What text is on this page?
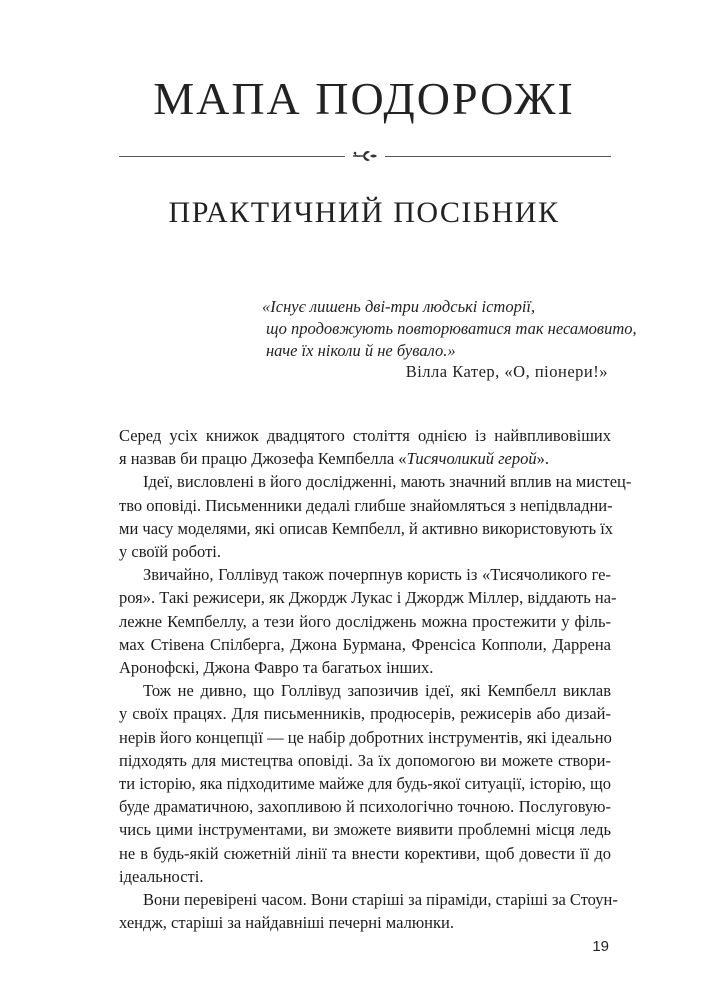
МАПА ПОДОРОЖІ
ПРАКТИЧНИЙ ПОСІБНИК
«Існує лишень дві-три людські історії,
що продовжують повторюватися так несамовито,
наче їх ніколи й не бувало.»
Вілла Катер, «О, піонери!»

Серед усіх книжок двадцятого століття однією із найвпливовіших
я назвав би працю Джозефа Кемпбелла «Тисячоликий герой».

Ідеї, висловлені в його дослідженні, мають значний вплив на мистец-
тво оповіді. Письменники дедалі глибше знайомляться з непідвладни-
ми часу моделями, які описав Кемпбелл, й активно використовують їх
у своїй роботі.

Звичайно, Голлівуд також почерпнув користь із «Тисячоликого ге-
роя». Такі режисери, як Джордж Лукас і Джордж Міллер, віддають на-
лежне Кемпбеллу, а тези його досліджень можна простежити у філь-
мах Стівена Спілберга, Джона Бурмана, Френсіса Копполи, Даррена
Аронофскі, Джона Фавро та багатьох інших.

Тож не дивно, що Голлівуд запозичив ідеї, які Кемпбелл виклав
у своїх працях. Для письменників, продюсерів, режисерів або дизай-
нерів його концепції — це набір добротних інструментів, які ідеально
підходять для мистецтва оповіді. За їх допомогою ви можете створи-
ти історію, яка підходитиме майже для будь-якої ситуації, історію, що
буде драматичною, захопливою й психологічно точною. Послуговую-
чись цими інструментами, ви зможете виявити проблемні місця ледь
не в будь-якій сюжетній лінії та внести корективи, щоб довести її до
ідеальності.

Вони перевірені часом. Вони старіші за піраміди, старіші за Стоун-
хендж, старіші за найдавніші печерні малюнки.

19
